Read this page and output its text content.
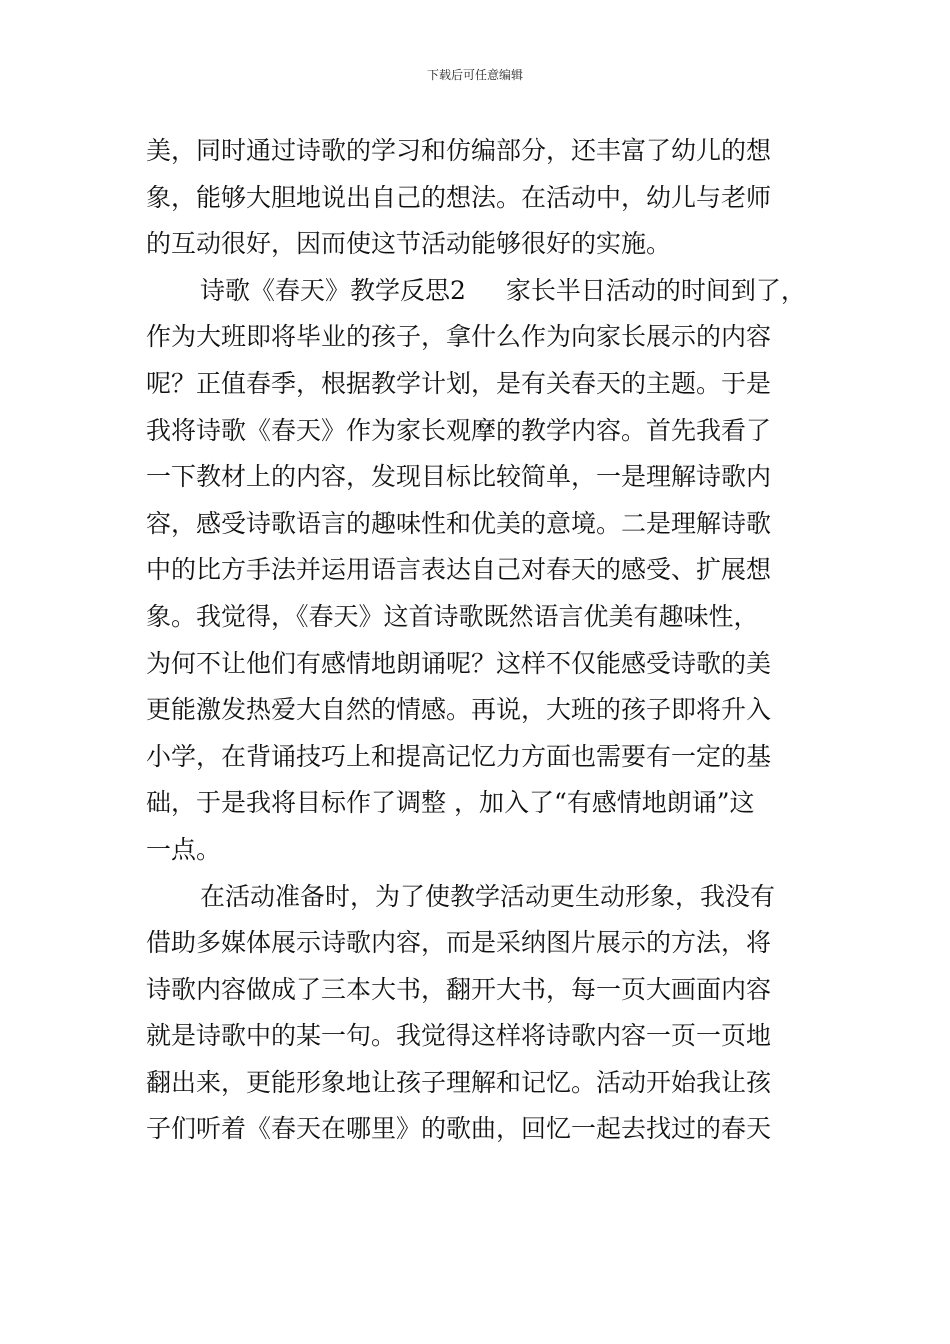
下载后可任意编辑

美，同时通过诗歌的学习和仿编部分，还丰富了幼儿的想
象，能够大胆地说出自己的想法。在活动中，幼儿与老师
的互动很好，因而使这节活动能够很好的实施。

诗歌《春天》教学反思2 家长半日活动的时间到了，
作为大班即将毕业的孩子，拿什么作为向家长展示的内容
呢？正值春季，根据教学计划，是有关春天的主题。于是
我将诗歌《春天》作为家长观摩的教学内容。首先我看了
一下教材上的内容，发现目标比较简单，一是理解诗歌内
容，感受诗歌语言的趣味性和优美的意境。二是理解诗歌
中的比方手法并运用语言表达自己对春天的感受、扩展想
象。我觉得，《春天》这首诗歌既然语言优美有趣味性，
为何不让他们有感情地朗诵呢？这样不仅能感受诗歌的美
更能激发热爱大自然的情感。再说，大班的孩子即将升入
小学，在背诵技巧上和提高记忆力方面也需要有一定的基
础，于是我将目标作了调整 ，加入了“有感情地朗诵”这
一点。

在活动准备时，为了使教学活动更生动形象，我没有
借助多媒体展示诗歌内容，而是采纳图片展示的方法，将
诗歌内容做成了三本大书，翻开大书，每一页大画面内容
就是诗歌中的某一句。我觉得这样将诗歌内容一页一页地
翻出来，更能形象地让孩子理解和记忆。活动开始我让孩
子们听着《春天在哪里》的歌曲，回忆一起去找过的春天
